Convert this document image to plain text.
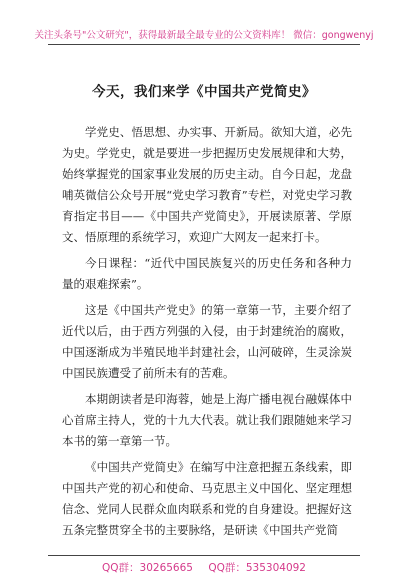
关注头条号"公文研究"，获得最新最全最专业的公文资料库！ 微信：gongwenyj
今天，我们来学《中国共产党简史》

学党史、悟思想、办实事、开新局。欲知大道，必先为史。学党史，就是要进一步把握历史发展规律和大势，始终掌握党的国家事业发展的历史主动。自今日起，龙盘哺英微信公众号开展“党史学习教育”专栏，对党史学习教育指定书目——《中国共产党简史》，开展读原著、学原文、悟原理的系统学习，欢迎广大网友一起来打卡。

今日课程：“近代中国民族复兴的历史任务和各种力量的艰难探索”。

这是《中国共产党史》的第一章第一节，主要介绍了近代以后，由于西方列强的入侵，由于封建统治的腐败，中国逐渐成为半殖民地半封建社会，山河破碎，生灵涂炭中国民族遭受了前所未有的苦难。

本期朗读者是印海蓉，她是上海广播电视台融媒体中心首席主持人，党的十九大代表。就让我们跟随她来学习本书的第一章第一节。

《中国共产党简史》在编写中注意把握五条线索，即中国共产党的初心和使命、马克思主义中国化、坚定理想信念、党同人民群众血肉联系和党的自身建设。把握好这五条完整贯穿全书的主要脉络，是研读《中国共产党简

QQ群：30265665 QQ群：535304092
